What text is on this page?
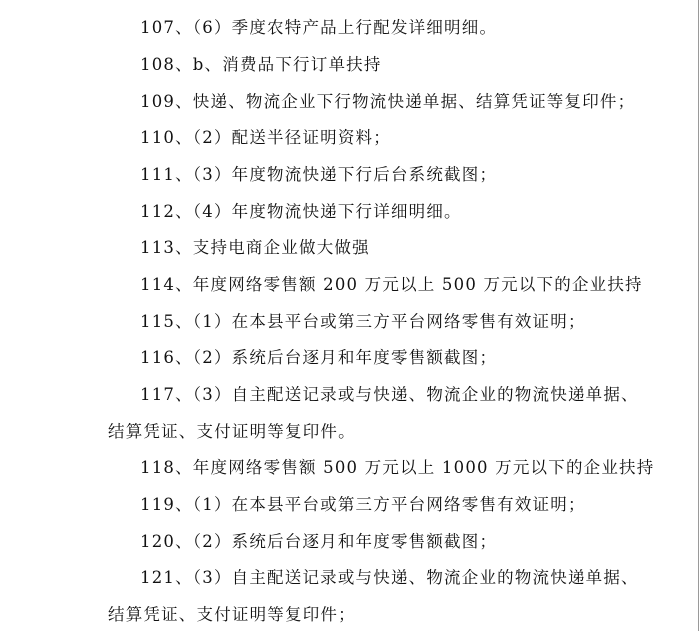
107、（6）季度农特产品上行配发详细明细。
108、b、消费品下行订单扶持
109、快递、物流企业下行物流快递单据、结算凭证等复印件；
110、（2）配送半径证明资料；
111、（3）年度物流快递下行后台系统截图；
112、（4）年度物流快递下行详细明细。
113、支持电商企业做大做强
114、年度网络零售额 200 万元以上 500 万元以下的企业扶持
115、（1）在本县平台或第三方平台网络零售有效证明；
116、（2）系统后台逐月和年度零售额截图；
117、（3）自主配送记录或与快递、物流企业的物流快递单据、
结算凭证、支付证明等复印件。
118、年度网络零售额 500 万元以上 1000 万元以下的企业扶持
119、（1）在本县平台或第三方平台网络零售有效证明；
120、（2）系统后台逐月和年度零售额截图；
121、（3）自主配送记录或与快递、物流企业的物流快递单据、
结算凭证、支付证明等复印件；
